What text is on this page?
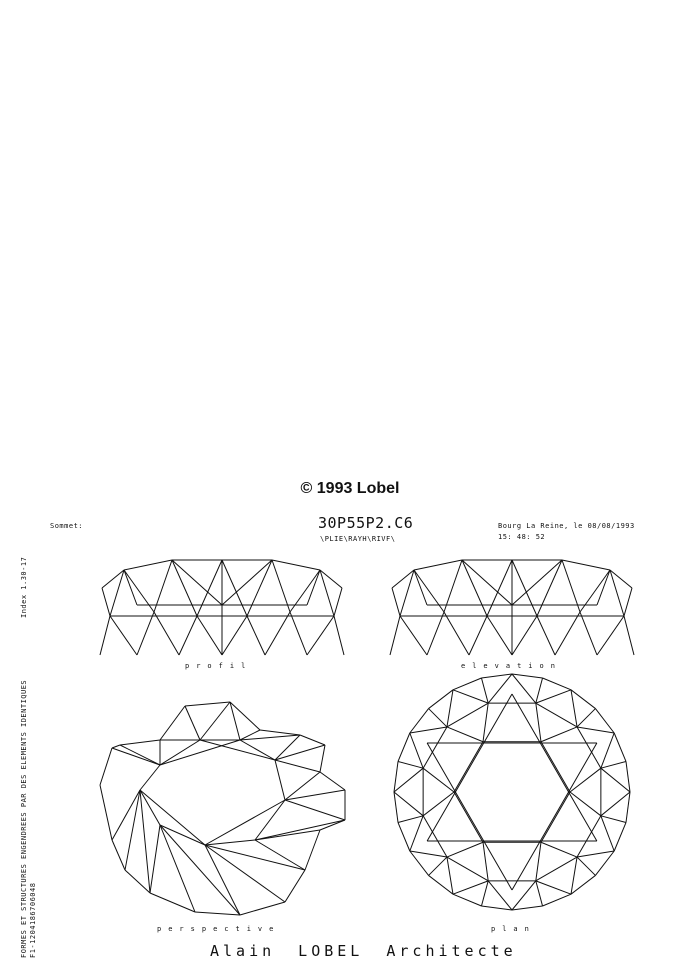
© 1993 Lobel
Sommet:	30P55P2.C6
\PLIE\RAYH\RIVF\
Bourg La Reine, le 08/08/1993
15: 48: 52
profil	elevation
perspective	plan
FORMES ET STRUCTURES ENGENDREES PAR DES ELEMENTS IDENTIQUES F1-1204186706048
Index 1.30-17
Alain LOBEL Architecte
